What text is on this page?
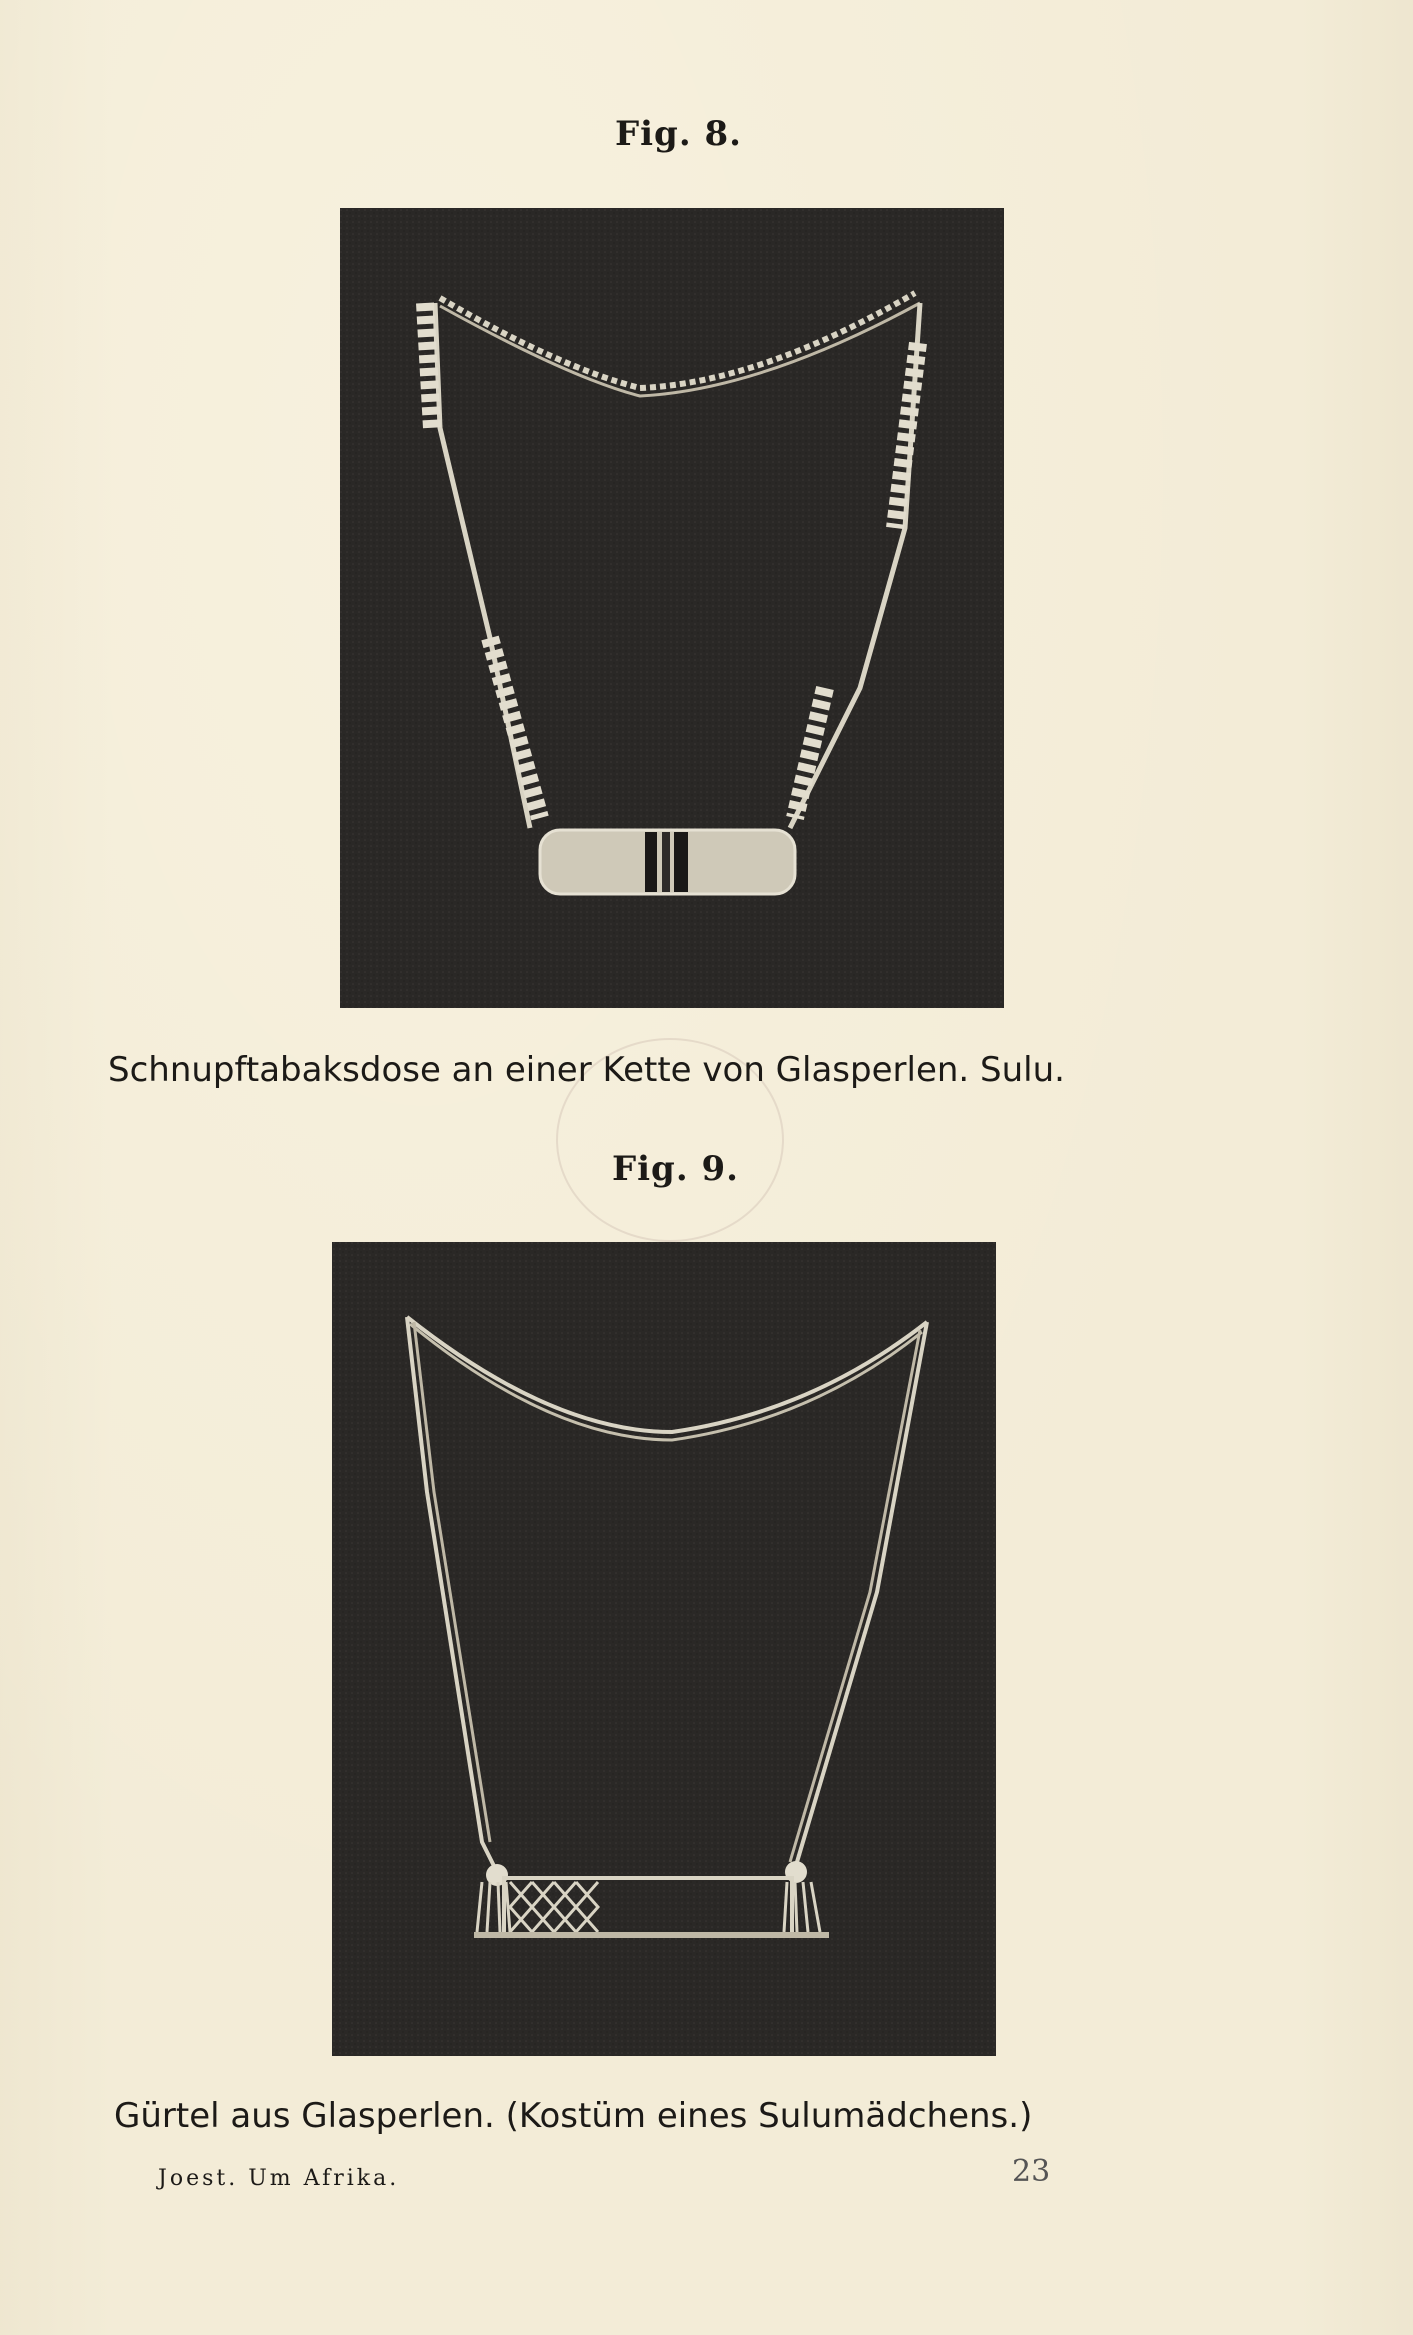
Fig. 8.
Schnupftabaksdose an einer Kette von Glasperlen. Sulu.
Fig. 9.
Gürtel aus Glasperlen. (Kostüm eines Sulumädchens.)
Joest. Um Afrika.	23
